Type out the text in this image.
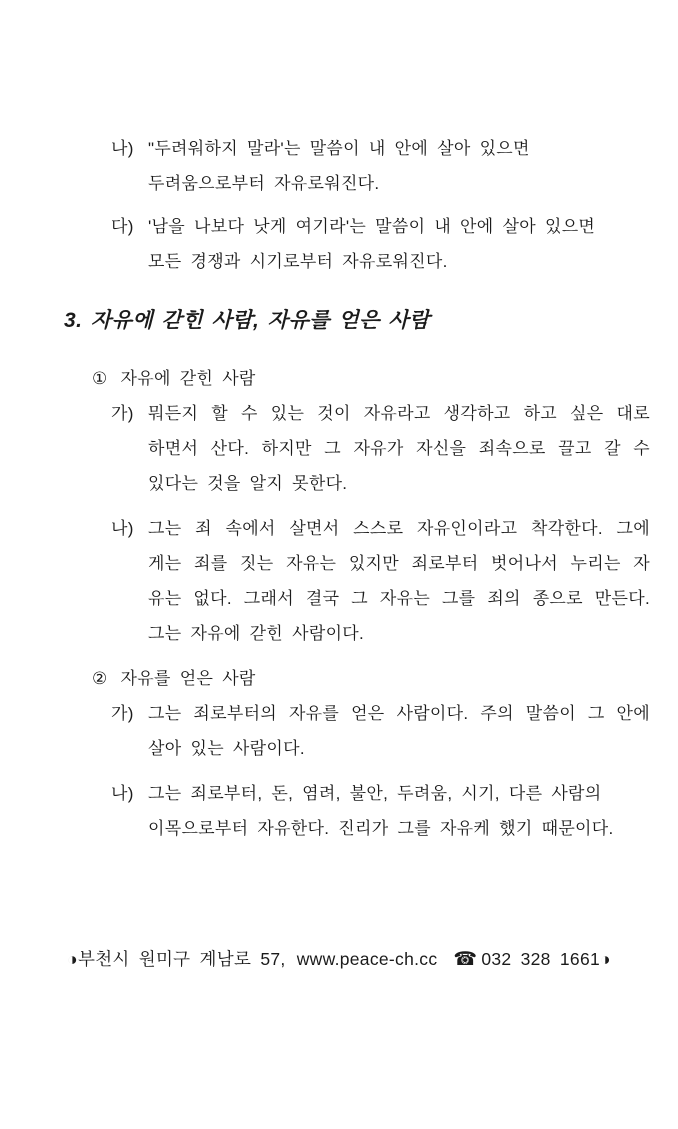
나) "두려워하지 말라'는 말씀이 내 안에 살아 있으면
두려움으로부터 자유로워진다.
다) '남을 나보다 낫게 여기라'는 말씀이 내 안에 살아 있으면
모든 경쟁과 시기로부터 자유로워진다.
3. 자유에 갇힌 사람, 자유를 얻은 사람
① 자유에 갇힌 사람
가) 뭐든지 할 수 있는 것이 자유라고 생각하고 하고 싶은 대로
하면서 산다. 하지만 그 자유가 자신을 죄속으로 끌고 갈 수
있다는 것을 알지 못한다.
나) 그는 죄 속에서 살면서 스스로 자유인이라고 착각한다. 그에
게는 죄를 짓는 자유는 있지만 죄로부터 벗어나서 누리는 자
유는 없다. 그래서 결국 그 자유는 그를 죄의 종으로 만든다.
그는 자유에 갇힌 사람이다.
② 자유를 얻은 사람
가) 그는 죄로부터의 자유를 얻은 사람이다. 주의 말씀이 그 안에
살아 있는 사람이다.
나) 그는 죄로부터, 돈, 염려, 불안, 두려움, 시기, 다른 사람의
이목으로부터 자유한다. 진리가 그를 자유케 했기 때문이다.
◑부천시 원미구 계남로 57, www.peace-ch.cc ☎ 032 328 1661◑
